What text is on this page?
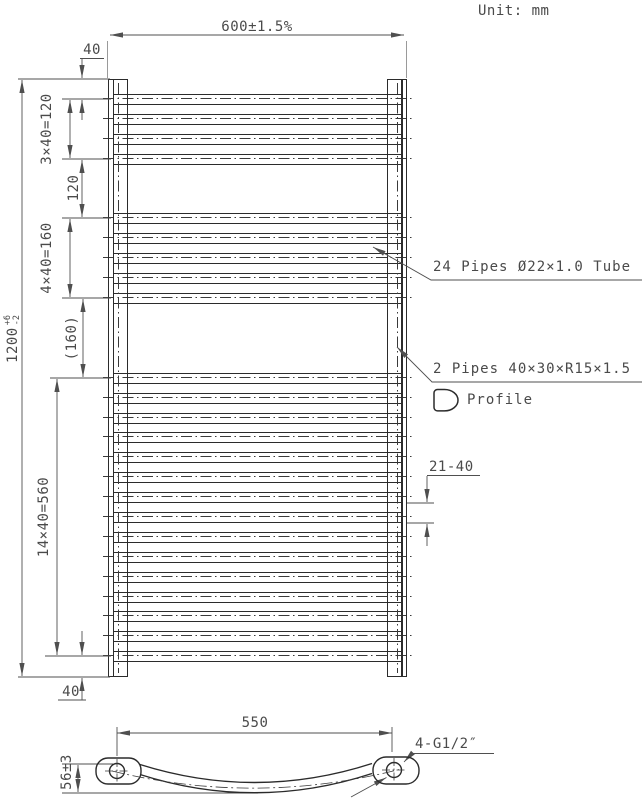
Unit: mm
600±1.5%
40
1200
+6
-2
3×40=120
120
4×40=160
(160)
14×40=560
40
21-40
24 Pipes Ø22×1.0 Tube
2 Pipes 40×30×R15×1.5
Profile
550
56±3
4-G1/2″
